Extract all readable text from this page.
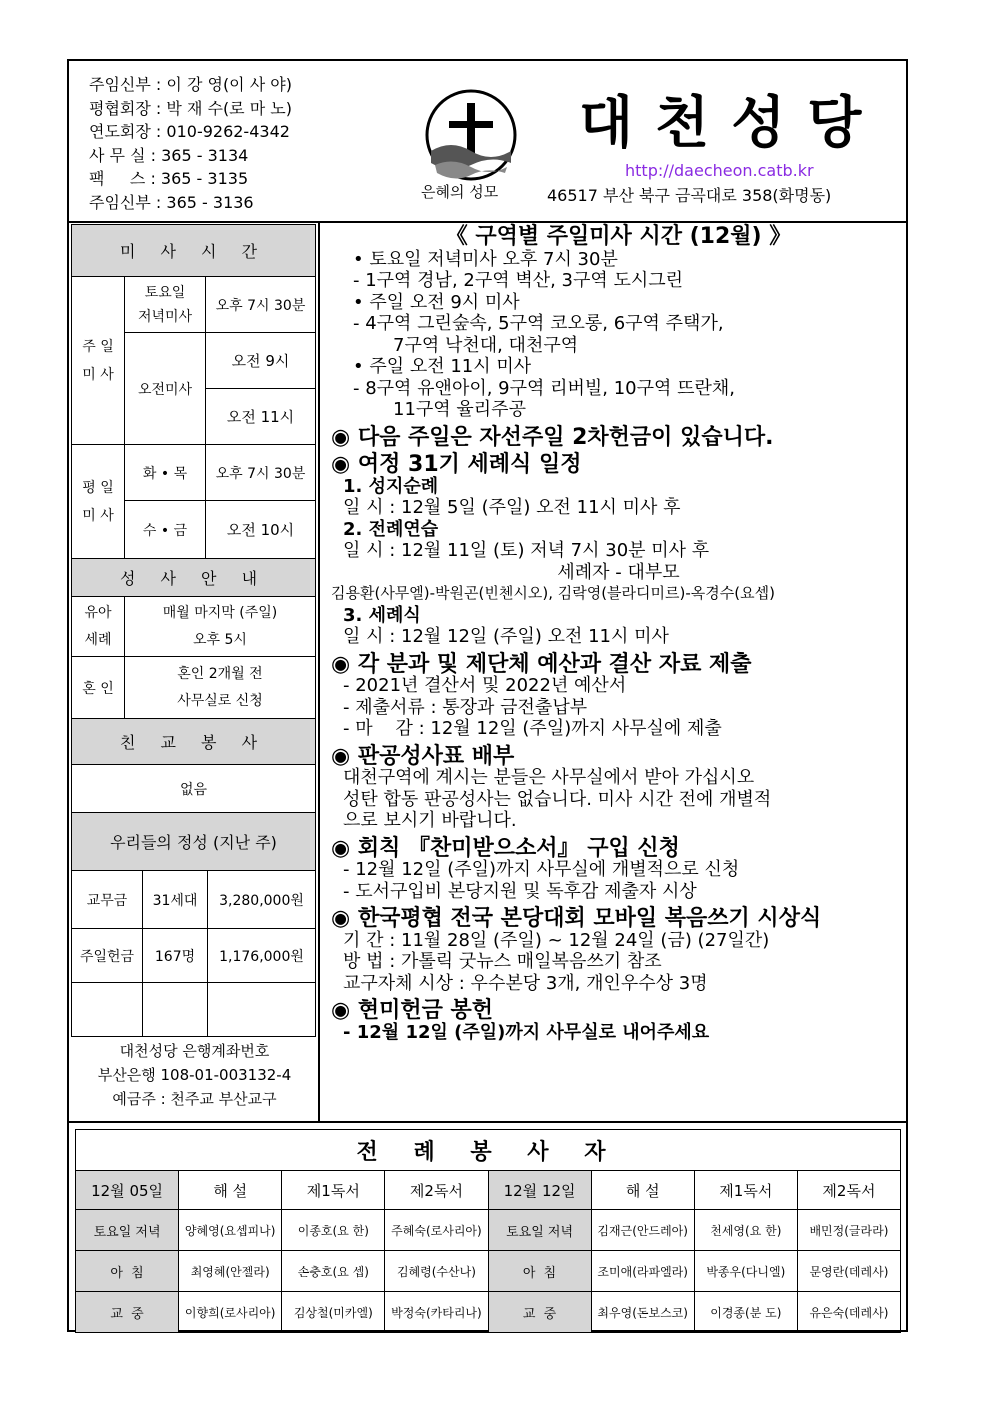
주임신부 : 이 강 영(이 사 야)
평협회장 : 박 재 수(로 마 노)
연도회장 : 010-9262-4342
사 무 실 : 365 - 3134
팩     스 : 365 - 3135
주임신부 : 365 - 3136
은혜의 성모
대천성당
http://daecheon.catb.kr
46517 부산 북구 금곡대로 358(화명동)
미 사 시 간		
주 일
미 사	토요일
저녁미사	오후 7시 30분
	오전미사	오전 9시
		오전 11시
평 일
미 사	화 • 목	오후 7시 30분
	수 • 금	오전 10시
성 사 안 내		
유아
세례	매월 마지막 (주일)
오후 5시	
혼 인	혼인 2개월 전
사무실로 신청	
친 교 봉 사		
없음		
우리들의 정성 (지난 주)		
교무금	31세대	3,280,000원
주일헌금	167명	1,176,000원

대천성당 은행계좌번호
부산은행 108-01-003132-4
예금주 : 천주교 부산교구
《 구역별 주일미사 시간 (12월) 》
• 토요일 저녁미사 오후 7시 30분
- 1구역 경남, 2구역 벽산, 3구역 도시그린
• 주일 오전 9시 미사
- 4구역 그린숲속, 5구역 코오롱, 6구역 주택가,
7구역 낙천대, 대천구역
• 주일 오전 11시 미사
- 8구역 유앤아이, 9구역 리버빌, 10구역 뜨란채,
11구역 율리주공
◉ 다음 주일은 자선주일 2차헌금이 있습니다.
◉ 여정 31기 세례식 일정
1. 성지순례
일 시 : 12월 5일 (주일) 오전 11시 미사 후
2. 전례연습
일 시 : 12월 11일 (토) 저녁 7시 30분 미사 후
세례자 - 대부모
김용환(사무엘)-박원곤(빈첸시오), 김락영(블라디미르)-옥경수(요셉)
3. 세례식
일 시 : 12월 12일 (주일) 오전 11시 미사
◉ 각 분과 및 제단체 예산과 결산 자료 제출
- 2021년 결산서 및 2022년 예산서
- 제출서류 : 통장과 금전출납부
- 마    감 : 12월 12일 (주일)까지 사무실에 제출
◉ 판공성사표 배부
대천구역에 계시는 분들은 사무실에서 받아 가십시오
성탄 합동 판공성사는 없습니다. 미사 시간 전에 개별적
으로 보시기 바랍니다.
◉ 회칙 『찬미받으소서』 구입 신청
- 12월 12일 (주일)까지 사무실에 개별적으로 신청
- 도서구입비 본당지원 및 독후감 제출자 시상
◉ 한국평협 전국 본당대회 모바일 복음쓰기 시상식
기 간 : 11월 28일 (주일) ~ 12월 24일 (금) (27일간)
방 법 : 가톨릭 굿뉴스 매일복음쓰기 참조
교구자체 시상 : 우수본당 3개, 개인우수상 3명
◉ 현미헌금 봉헌
- 12월 12일 (주일)까지 사무실로 내어주세요
전 례 봉 사 자							
12월 05일	해 설	제1독서	제2독서	12월 12일	해 설	제1독서	제2독서
토요일 저녁	양혜영(요셉피나)	이종호(요 한)	주혜숙(로사리아)	토요일 저녁	김재근(안드레아)	천세영(요 한)	배민정(글라라)
아  침	최영혜(안젤라)	손충호(요 셉)	김혜령(수산나)	아  침	조미애(라파엘라)	박종우(다니엘)	문영란(데레사)
교  중	이향희(로사리아)	김상철(미카엘)	박정숙(카타리나)	교  중	최우영(돈보스코)	이경종(분 도)	유은숙(데레사)
